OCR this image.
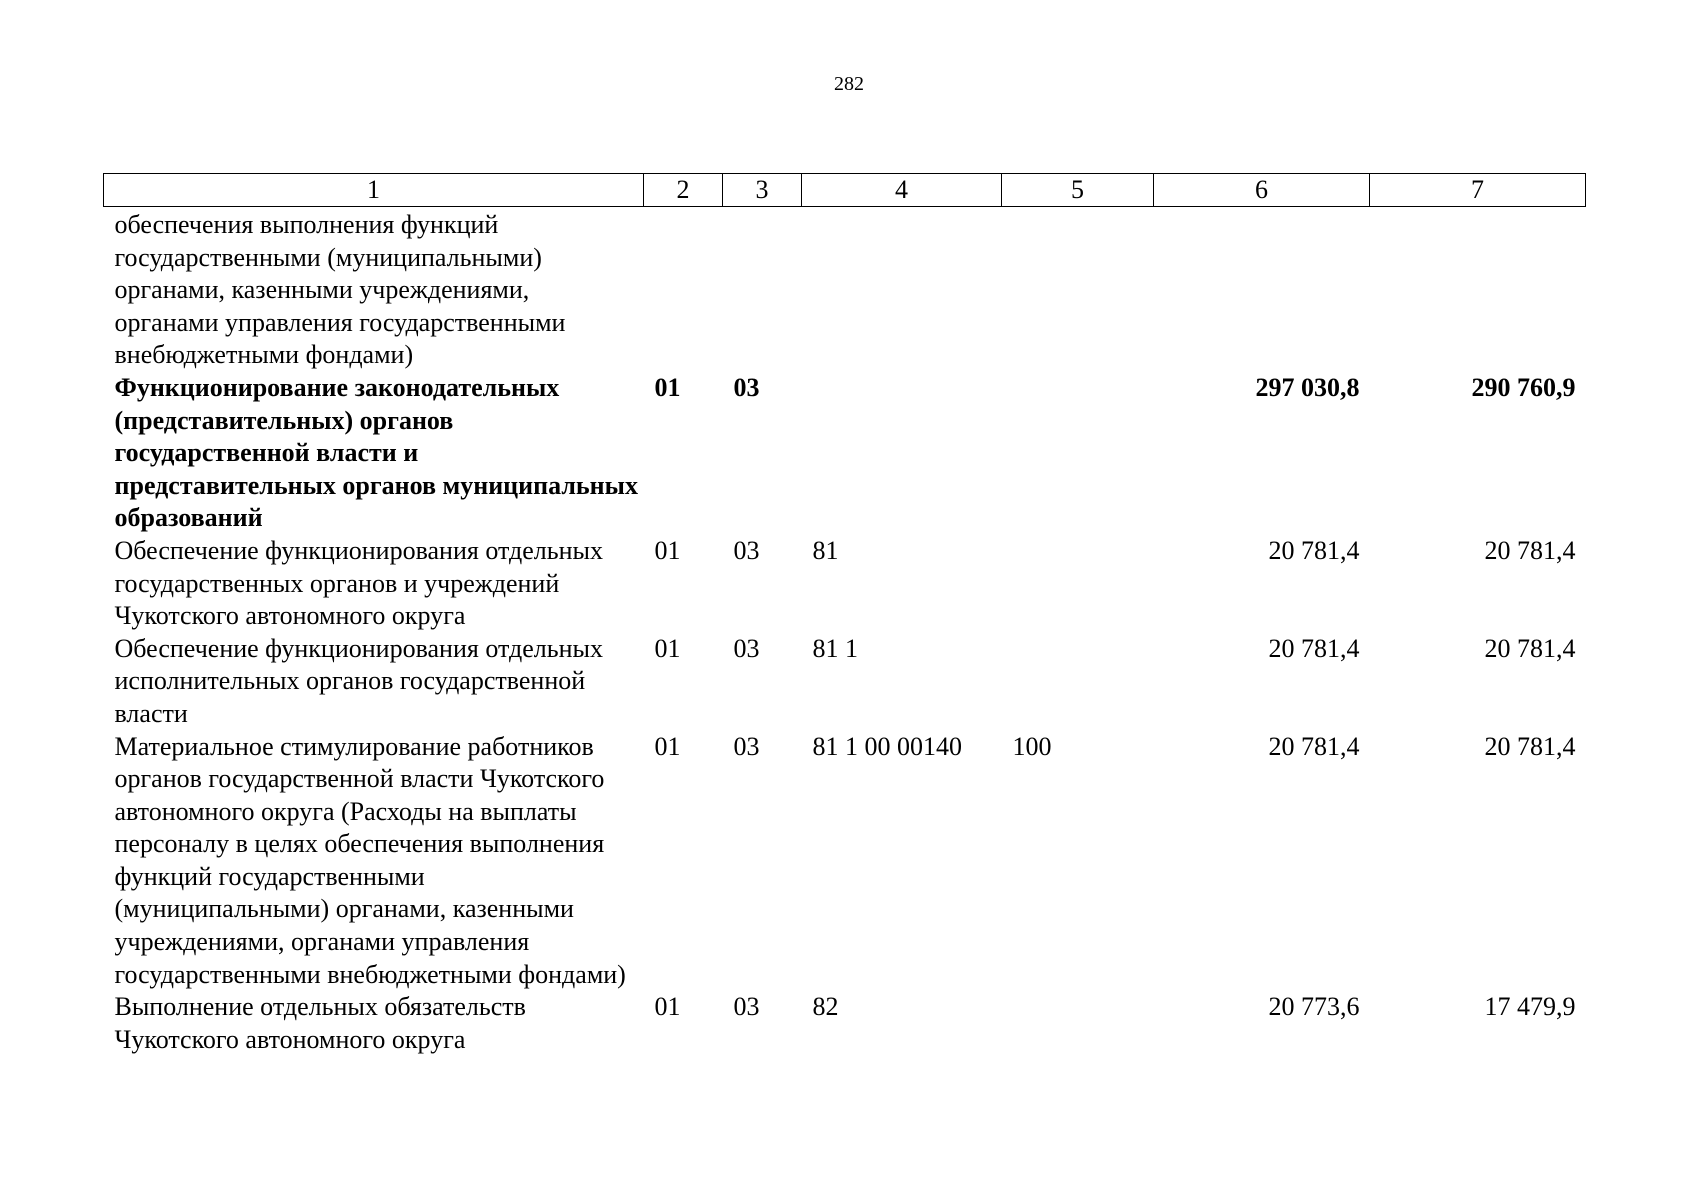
282
1	2	3	4	5	6	7
обеспечения выполнения функций государственными (муниципальными) органами, казенными учреждениями, органами управления государственными внебюджетными фондами)						
Функционирование законодательных (представительных) органов государственной власти и представительных органов муниципальных образований	01	03			297 030,8	290 760,9
Обеспечение функционирования отдельных государственных органов и учреждений Чукотского автономного округа	01	03	81		20 781,4	20 781,4
Обеспечение функционирования отдельных исполнительных органов государственной власти	01	03	81 1		20 781,4	20 781,4
Материальное стимулирование работников органов государственной власти Чукотского автономного округа (Расходы на выплаты персоналу в целях обеспечения выполнения функций государственными (муниципальными) органами, казенными учреждениями, органами управления государственными внебюджетными фондами)	01	03	81 1 00 00140	100	20 781,4	20 781,4
Выполнение отдельных обязательств Чукотского автономного округа	01	03	82		20 773,6	17 479,9
